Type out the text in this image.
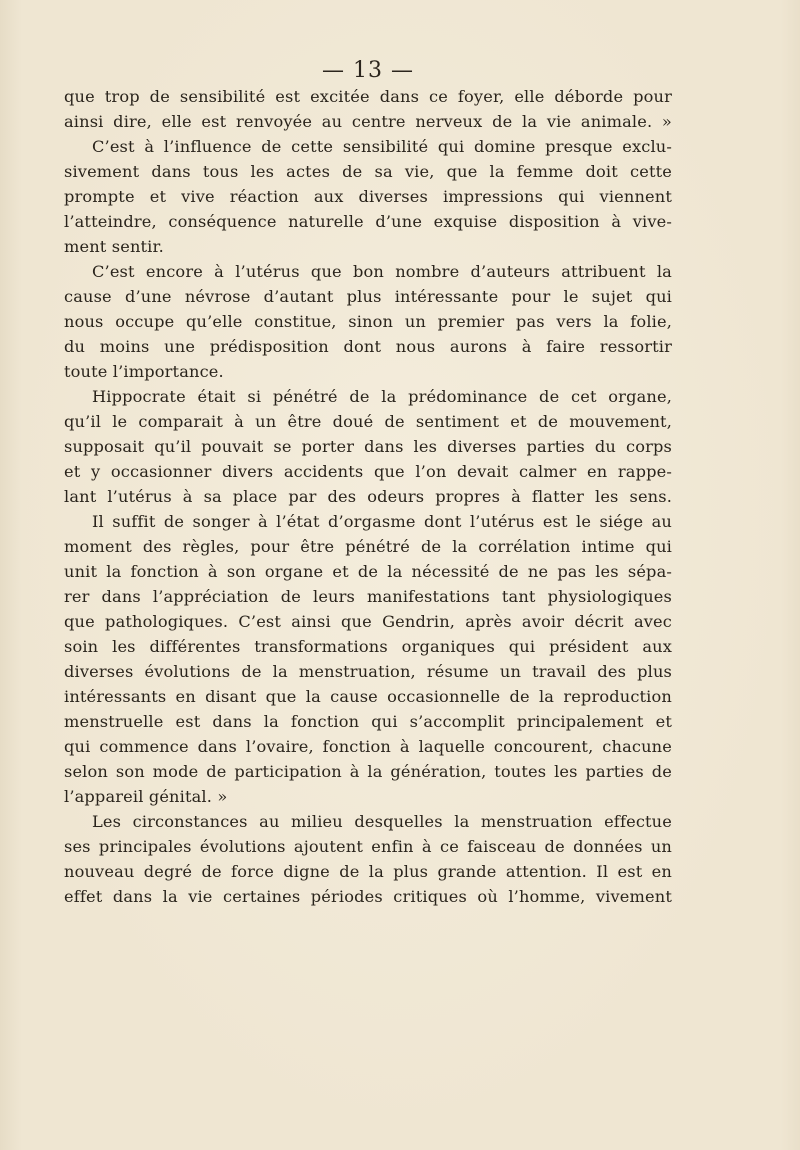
— 13 —
que trop de sensibilité est excitée dans ce foyer, elle déborde pour
ainsi dire, elle est renvoyée au centre nerveux de la vie animale. »
C’est à l’influence de cette sensibilité qui domine presque exclu-
sivement dans tous les actes de sa vie, que la femme doit cette
prompte et vive réaction aux diverses impressions qui viennent
l’atteindre, conséquence naturelle d’une exquise disposition à vive-
ment sentir.
C’est encore à l’utérus que bon nombre d’auteurs attribuent la
cause d’une névrose d’autant plus intéressante pour le sujet qui
nous occupe qu’elle constitue, sinon un premier pas vers la folie,
du moins une prédisposition dont nous aurons à faire ressortir
toute l’importance.
Hippocrate était si pénétré de la prédominance de cet organe,
qu’il le comparait à un être doué de sentiment et de mouvement,
supposait qu’il pouvait se porter dans les diverses parties du corps
et y occasionner divers accidents que l’on devait calmer en rappe-
lant l’utérus à sa place par des odeurs propres à flatter les sens.
Il suffit de songer à l’état d’orgasme dont l’utérus est le siége au
moment des règles, pour être pénétré de la corrélation intime qui
unit la fonction à son organe et de la nécessité de ne pas les sépa-
rer dans l’appréciation de leurs manifestations tant physiologiques
que pathologiques. C’est ainsi que Gendrin, après avoir décrit avec
soin les différentes transformations organiques qui président aux
diverses évolutions de la menstruation, résume un travail des plus
intéressants en disant que la cause occasionnelle de la reproduction
menstruelle est dans la fonction qui s’accomplit principalement et
qui commence dans l’ovaire, fonction à laquelle concourent, chacune
selon son mode de participation à la génération, toutes les parties de
l’appareil génital. »
Les circonstances au milieu desquelles la menstruation effectue
ses principales évolutions ajoutent enfin à ce faisceau de données un
nouveau degré de force digne de la plus grande attention. Il est en
effet dans la vie certaines périodes critiques où l’homme, vivement
